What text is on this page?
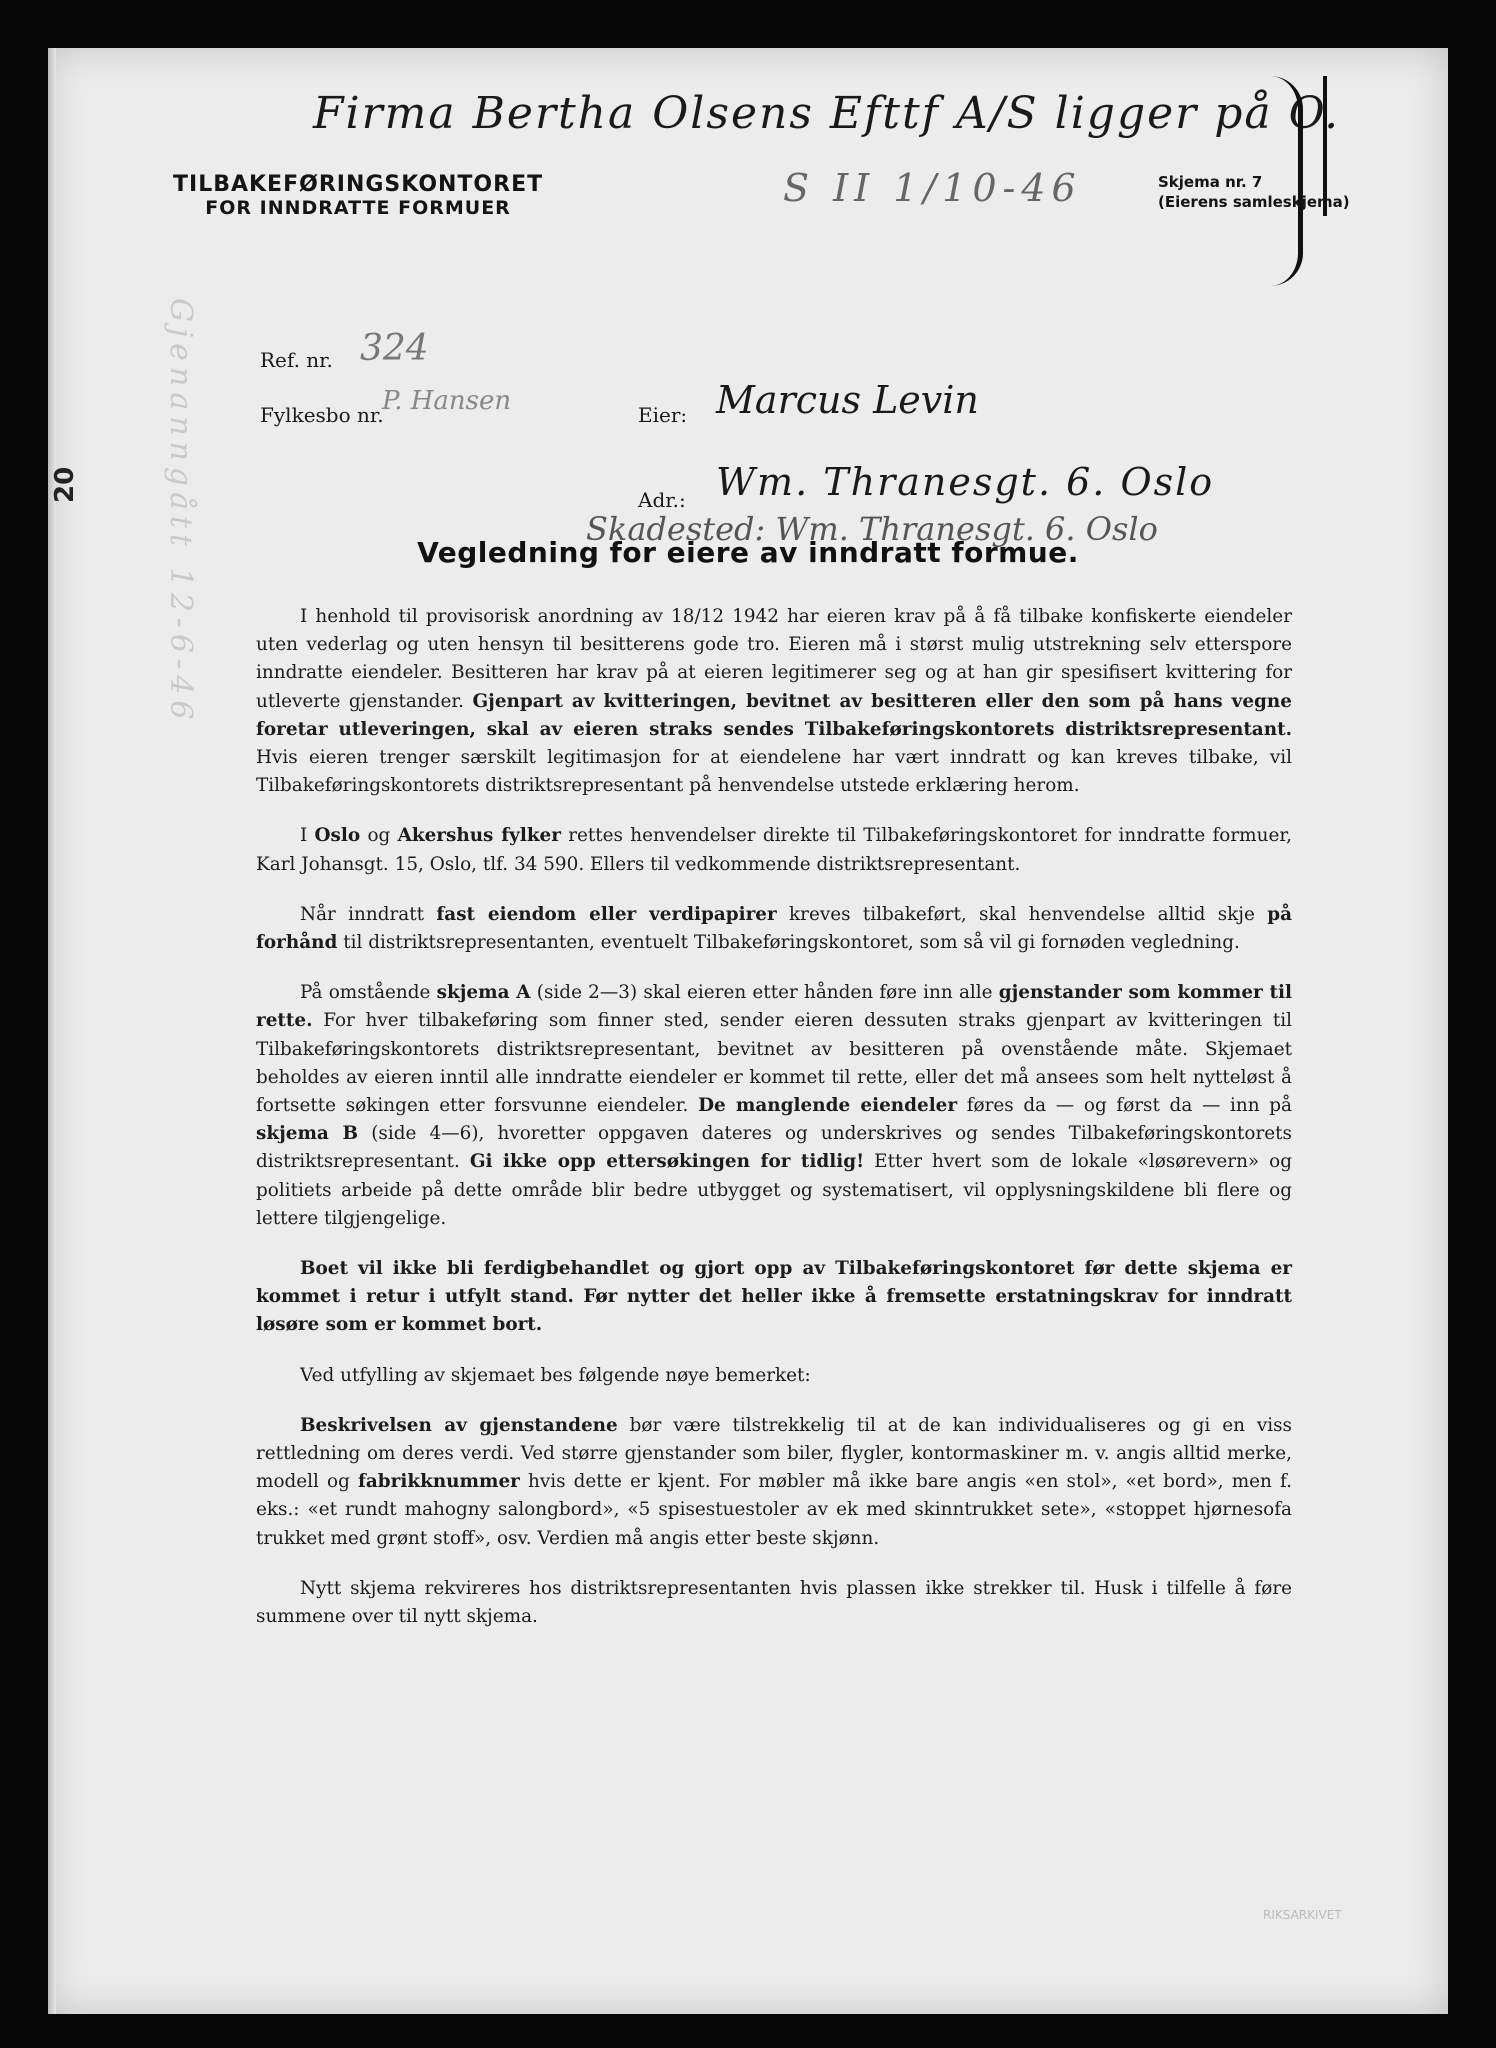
20	Gjenanngått 12-6-46
Firma Bertha Olsens Efttf A/S ligger på O.
S II 1/10-46
TILBAKEFØRINGSKONTORET
FOR INNDRATTE FORMUER
Skjema nr. 7
(Eierens samleskjema)
Ref. nr. 324
Fylkesbo nr.
P. Hansen	Eier: Marcus Levin
Adr.: Wm. Thranesgt. 6. Oslo
Skadested: Wm. Thranesgt. 6. Oslo
Vegledning for eiere av inndratt formue.

I henhold til provisorisk anordning av 18/12 1942 har eieren krav på å få tilbake konfiskerte eiendeler uten vederlag og uten hensyn til besitterens gode tro. Eieren må i størst mulig utstrekning selv etterspore inndratte eiendeler. Besitteren har krav på at eieren legitimerer seg og at han gir spesifisert kvittering for utleverte gjenstander. Gjenpart av kvitteringen, bevitnet av besitteren eller den som på hans vegne foretar utleveringen, skal av eieren straks sendes Tilbakeføringskontorets distriktsrepresentant. Hvis eieren trenger særskilt legitimasjon for at eiendelene har vært inndratt og kan kreves tilbake, vil Tilbakeføringskontorets distriktsrepresentant på henvendelse utstede erklæring herom.

I Oslo og Akershus fylker rettes henvendelser direkte til Tilbakeføringskontoret for inndratte formuer, Karl Johansgt. 15, Oslo, tlf. 34 590. Ellers til vedkommende distriktsrepresentant.

Når inndratt fast eiendom eller verdipapirer kreves tilbakeført, skal henvendelse alltid skje på forhånd til distriktsrepresentanten, eventuelt Tilbakeføringskontoret, som så vil gi fornøden vegledning.

På omstående skjema A (side 2—3) skal eieren etter hånden føre inn alle gjenstander som kommer til rette. For hver tilbakeføring som finner sted, sender eieren dessuten straks gjenpart av kvitteringen til Tilbakeføringskontorets distriktsrepresentant, bevitnet av besitteren på ovenstående måte. Skjemaet beholdes av eieren inntil alle inndratte eiendeler er kommet til rette, eller det må ansees som helt nytteløst å fortsette søkingen etter forsvunne eiendeler. De manglende eiendeler føres da — og først da — inn på skjema B (side 4—6), hvoretter oppgaven dateres og underskrives og sendes Tilbakeføringskontorets distriktsrepresentant. Gi ikke opp ettersøkingen for tidlig! Etter hvert som de lokale «løsørevern» og politiets arbeide på dette område blir bedre utbygget og systematisert, vil opplysningskildene bli flere og lettere tilgjengelige.

Boet vil ikke bli ferdigbehandlet og gjort opp av Tilbakeføringskontoret før dette skjema er kommet i retur i utfylt stand. Før nytter det heller ikke å fremsette erstatningskrav for inndratt løsøre som er kommet bort.

Ved utfylling av skjemaet bes følgende nøye bemerket:

Beskrivelsen av gjenstandene bør være tilstrekkelig til at de kan individualiseres og gi en viss rettledning om deres verdi. Ved større gjenstander som biler, flygler, kontormaskiner m. v. angis alltid merke, modell og fabrikknummer hvis dette er kjent. For møbler må ikke bare angis «en stol», «et bord», men f. eks.: «et rundt mahogny salongbord», «5 spisestuestoler av ek med skinntrukket sete», «stoppet hjørnesofa trukket med grønt stoff», osv. Verdien må angis etter beste skjønn.

Nytt skjema rekvireres hos distriktsrepresentanten hvis plassen ikke strekker til. Husk i tilfelle å føre summene over til nytt skjema.

RIKSARKIVET
